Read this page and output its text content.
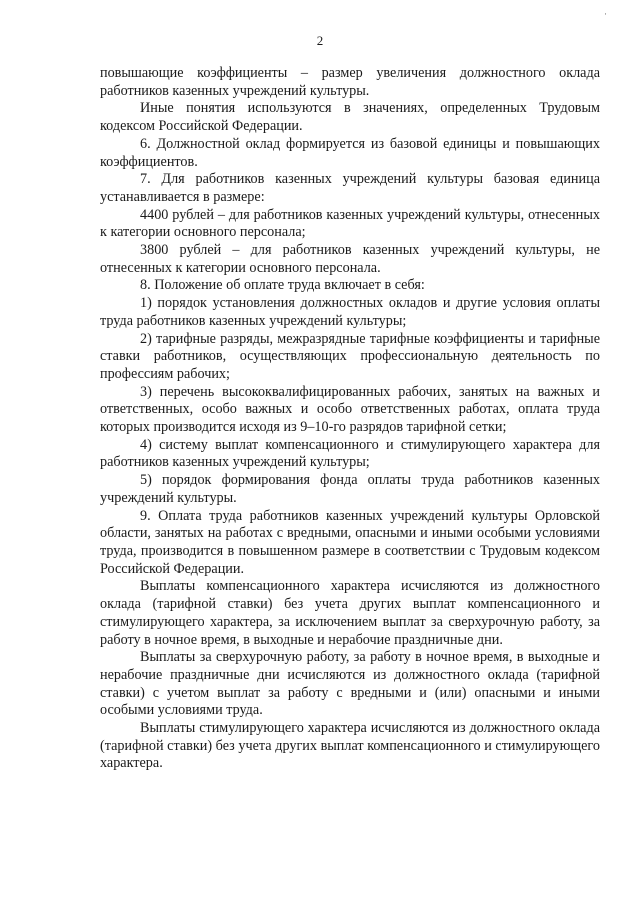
·
2

повышающие коэффициенты – размер увеличения должностного оклада работников казенных учреждений культуры.

Иные понятия используются в значениях, определенных Трудовым кодексом Российской Федерации.

6. Должностной оклад формируется из базовой единицы и повышающих коэффициентов.

7. Для работников казенных учреждений культуры базовая единица устанавливается в размере:

4400 рублей – для работников казенных учреждений культуры, отнесенных к категории основного персонала;

3800 рублей – для работников казенных учреждений культуры, не отнесенных к категории основного персонала.

8. Положение об оплате труда включает в себя:

1) порядок установления должностных окладов и другие условия оплаты труда работников казенных учреждений культуры;

2) тарифные разряды, межразрядные тарифные коэффициенты и тарифные ставки работников, осуществляющих профессиональную деятельность по профессиям рабочих;

3) перечень высококвалифицированных рабочих, занятых на важных и ответственных, особо важных и особо ответственных работах, оплата труда которых производится исходя из 9–10-го разрядов тарифной сетки;

4) систему выплат компенсационного и стимулирующего характера для работников казенных учреждений культуры;

5) порядок формирования фонда оплаты труда работников казенных учреждений культуры.

9. Оплата труда работников казенных учреждений культуры Орловской области, занятых на работах с вредными, опасными и иными особыми условиями труда, производится в повышенном размере в соответствии с Трудовым кодексом Российской Федерации.

Выплаты компенсационного характера исчисляются из должностного оклада (тарифной ставки) без учета других выплат компенсационного и стимулирующего характера, за исключением выплат за сверхурочную работу, за работу в ночное время, в выходные и нерабочие праздничные дни.

Выплаты за сверхурочную работу, за работу в ночное время, в выходные и нерабочие праздничные дни исчисляются из должностного оклада (тарифной ставки) с учетом выплат за работу с вредными и (или) опасными и иными особыми условиями труда.

Выплаты стимулирующего характера исчисляются из должностного оклада (тарифной ставки) без учета других выплат компенсационного и стимулирующего характера.
